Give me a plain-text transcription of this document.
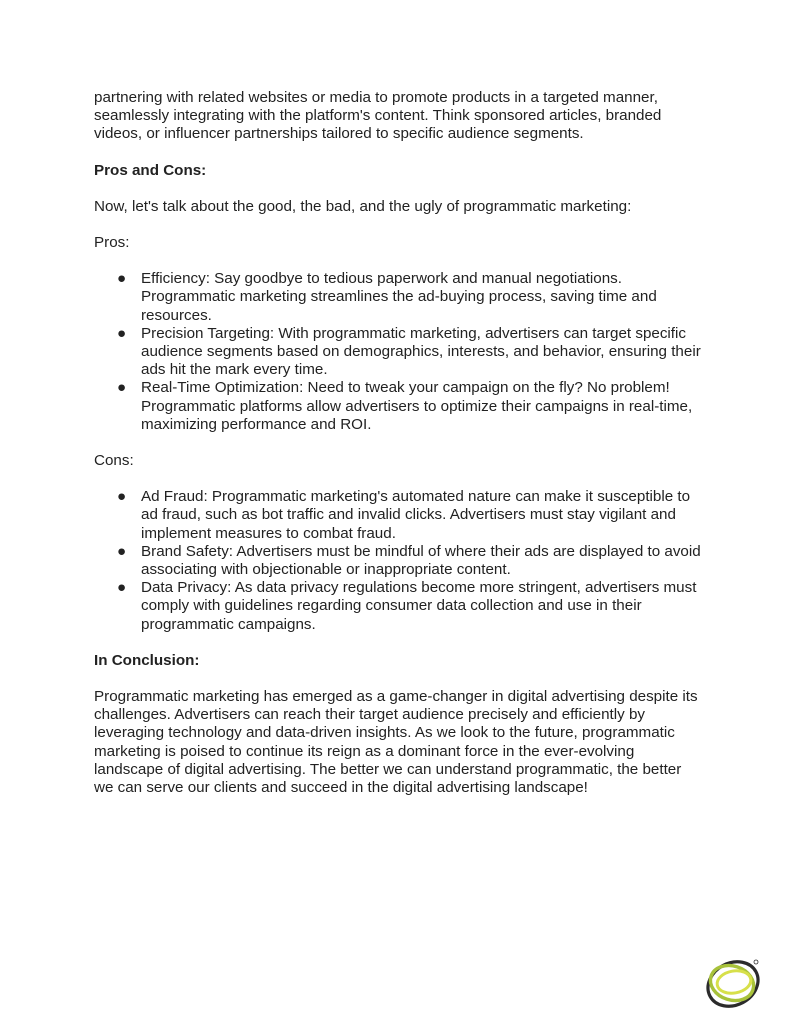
partnering with related websites or media to promote products in a targeted manner, seamlessly integrating with the platform's content. Think sponsored articles, branded videos, or influencer partnerships tailored to specific audience segments.

Pros and Cons:

Now, let's talk about the good, the bad, and the ugly of programmatic marketing:

Pros:

● Efficiency: Say goodbye to tedious paperwork and manual negotiations. Programmatic marketing streamlines the ad-buying process, saving time and resources.
● Precision Targeting: With programmatic marketing, advertisers can target specific audience segments based on demographics, interests, and behavior, ensuring their ads hit the mark every time.
● Real-Time Optimization: Need to tweak your campaign on the fly? No problem! Programmatic platforms allow advertisers to optimize their campaigns in real-time, maximizing performance and ROI.

Cons:

● Ad Fraud: Programmatic marketing's automated nature can make it susceptible to ad fraud, such as bot traffic and invalid clicks. Advertisers must stay vigilant and implement measures to combat fraud.
● Brand Safety: Advertisers must be mindful of where their ads are displayed to avoid associating with objectionable or inappropriate content.
● Data Privacy: As data privacy regulations become more stringent, advertisers must comply with guidelines regarding consumer data collection and use in their programmatic campaigns.

In Conclusion:

Programmatic marketing has emerged as a game-changer in digital advertising despite its challenges. Advertisers can reach their target audience precisely and efficiently by leveraging technology and data-driven insights. As we look to the future, programmatic marketing is poised to continue its reign as a dominant force in the ever-evolving landscape of digital advertising. The better we can understand programmatic, the better we can serve our clients and succeed in the digital advertising landscape!
